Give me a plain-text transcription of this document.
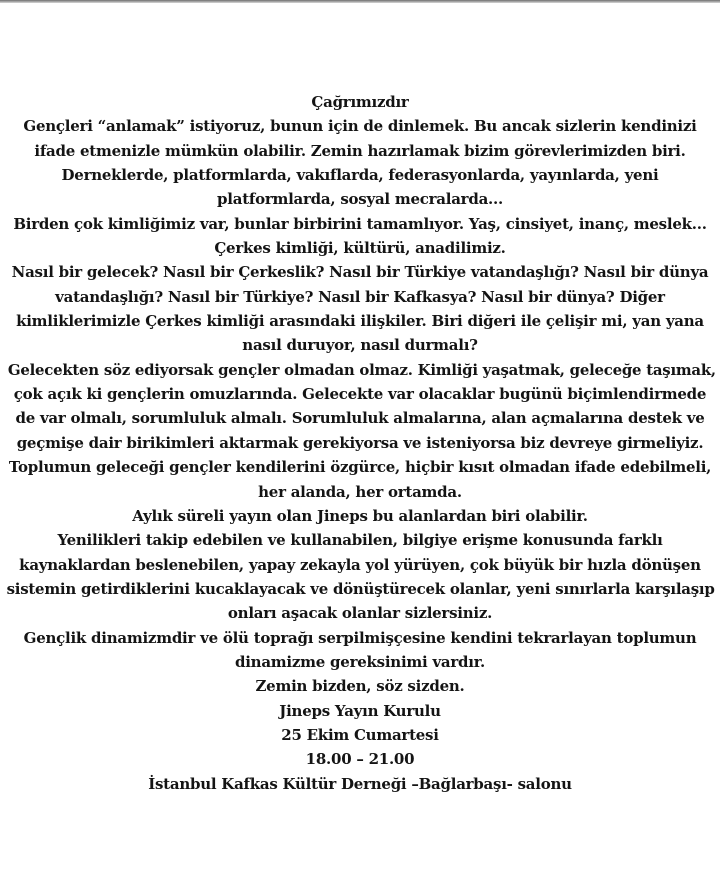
Çağrımızdır
Gençleri “anlamak” istiyoruz, bunun için de dinlemek. Bu ancak sizlerin kendinizi
ifade etmenizle mümkün olabilir. Zemin hazırlamak bizim görevlerimizden biri.
Derneklerde, platformlarda, vakıflarda, federasyonlarda, yayınlarda, yeni
platformlarda, sosyal mecralarda...
Birden çok kimliğimiz var, bunlar birbirini tamamlıyor. Yaş, cinsiyet, inanç, meslek...
Çerkes kimliği, kültürü, anadilimiz.
Nasıl bir gelecek? Nasıl bir Çerkeslik? Nasıl bir Türkiye vatandaşlığı? Nasıl bir dünya
vatandaşlığı? Nasıl bir Türkiye? Nasıl bir Kafkasya? Nasıl bir dünya? Diğer
kimliklerimizle Çerkes kimliği arasındaki ilişkiler. Biri diğeri ile çelişir mi, yan yana
nasıl duruyor, nasıl durmalı?
Gelecekten söz ediyorsak gençler olmadan olmaz. Kimliği yaşatmak, geleceğe taşımak,
çok açık ki gençlerin omuzlarında. Gelecekte var olacaklar bugünü biçimlendirmede
de var olmalı, sorumluluk almalı. Sorumluluk almalarına, alan açmalarına destek ve
geçmişe dair birikimleri aktarmak gerekiyorsa ve isteniyorsa biz devreye girmeliyiz.
Toplumun geleceği gençler kendilerini özgürce, hiçbir kısıt olmadan ifade edebilmeli,
her alanda, her ortamda.
Aylık süreli yayın olan Jineps bu alanlardan biri olabilir.
Yenilikleri takip edebilen ve kullanabilen, bilgiye erişme konusunda farklı
kaynaklardan beslenebilen, yapay zekayla yol yürüyen, çok büyük bir hızla dönüşen
sistemin getirdiklerini kucaklayacak ve dönüştürecek olanlar, yeni sınırlarla karşılaşıp
onları aşacak olanlar sizlersiniz.
Gençlik dinamizmdir ve ölü toprağı serpilmişçesine kendini tekrarlayan toplumun
dinamizme gereksinimi vardır.
Zemin bizden, söz sizden.
Jineps Yayın Kurulu
25 Ekim Cumartesi
18.00 – 21.00
İstanbul Kafkas Kültür Derneği –Bağlarbaşı- salonu
